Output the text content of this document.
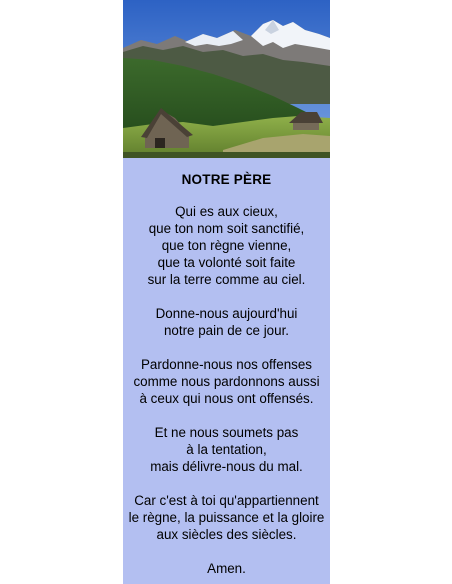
NOTRE PÈRE
Qui es aux cieux,
que ton nom soit sanctifié,
que ton règne vienne,
que ta volonté soit faite
sur la terre comme au ciel.
Donne-nous aujourd'hui
notre pain de ce jour.
Pardonne-nous nos offenses
comme nous pardonnons aussi
à ceux qui nous ont offensés.
Et ne nous soumets pas
à la tentation,
mais délivre-nous du mal.
Car c'est à toi qu'appartiennent
le règne, la puissance et la gloire
aux siècles des siècles.
Amen.
